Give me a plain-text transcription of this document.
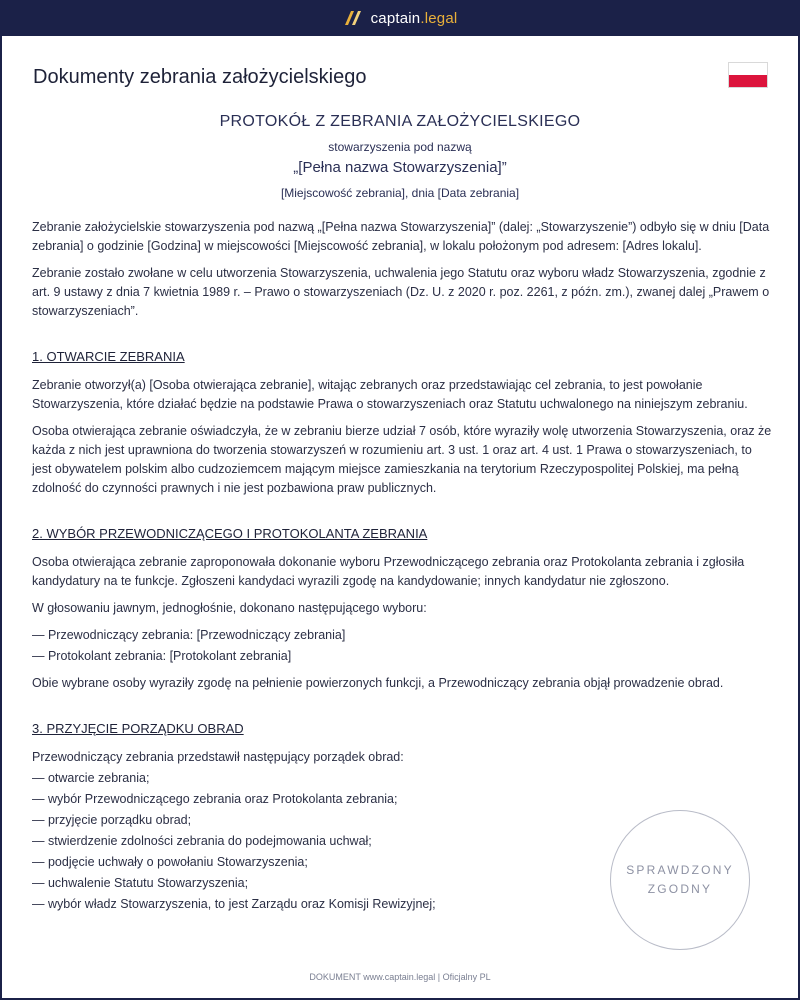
captain.legal
Dokumenty zebrania założycielskiego
PROTOKÓŁ Z ZEBRANIA ZAŁOŻYCIELSKIEGO
stowarzyszenia pod nazwą
„[Pełna nazwa Stowarzyszenia]”
[Miejscowość zebrania], dnia [Data zebrania]

Zebranie założycielskie stowarzyszenia pod nazwą „[Pełna nazwa Stowarzyszenia]” (dalej: „Stowarzyszenie”) odbyło się w dniu [Data zebrania] o godzinie [Godzina] w miejscowości [Miejscowość zebrania], w lokalu położonym pod adresem: [Adres lokalu].

Zebranie zostało zwołane w celu utworzenia Stowarzyszenia, uchwalenia jego Statutu oraz wyboru władz Stowarzyszenia, zgodnie z art. 9 ustawy z dnia 7 kwietnia 1989 r. – Prawo o stowarzyszeniach (Dz. U. z 2020 r. poz. 2261, z późn. zm.), zwanej dalej „Prawem o stowarzyszeniach”.

1. OTWARCIE ZEBRANIA

Zebranie otworzył(a) [Osoba otwierająca zebranie], witając zebranych oraz przedstawiając cel zebrania, to jest powołanie Stowarzyszenia, które działać będzie na podstawie Prawa o stowarzyszeniach oraz Statutu uchwalonego na niniejszym zebraniu.

Osoba otwierająca zebranie oświadczyła, że w zebraniu bierze udział 7 osób, które wyraziły wolę utworzenia Stowarzyszenia, oraz że każda z nich jest uprawniona do tworzenia stowarzyszeń w rozumieniu art. 3 ust. 1 oraz art. 4 ust. 1 Prawa o stowarzyszeniach, to jest obywatelem polskim albo cudzoziemcem mającym miejsce zamieszkania na terytorium Rzeczypospolitej Polskiej, ma pełną zdolność do czynności prawnych i nie jest pozbawiona praw publicznych.

2. WYBÓR PRZEWODNICZĄCEGO I PROTOKOLANTA ZEBRANIA

Osoba otwierająca zebranie zaproponowała dokonanie wyboru Przewodniczącego zebrania oraz Protokolanta zebrania i zgłosiła kandydatury na te funkcje. Zgłoszeni kandydaci wyrazili zgodę na kandydowanie; innych kandydatur nie zgłoszono.

W głosowaniu jawnym, jednogłośnie, dokonano następującego wyboru:

— Przewodniczący zebrania: [Przewodniczący zebrania]
— Protokolant zebrania: [Protokolant zebrania]

Obie wybrane osoby wyraziły zgodę na pełnienie powierzonych funkcji, a Przewodniczący zebrania objął prowadzenie obrad.

3. PRZYJĘCIE PORZĄDKU OBRAD
Przewodniczący zebrania przedstawił następujący porządek obrad:
— otwarcie zebrania;
— wybór Przewodniczącego zebrania oraz Protokolanta zebrania;
— przyjęcie porządku obrad;
— stwierdzenie zdolności zebrania do podejmowania uchwał;
— podjęcie uchwały o powołaniu Stowarzyszenia;
— uchwalenie Statutu Stowarzyszenia;
— wybór władz Stowarzyszenia, to jest Zarządu oraz Komisji Rewizyjnej;
SPRAWDZONY
ZGODNY
DOKUMENT www.captain.legal | Oficjalny PL
